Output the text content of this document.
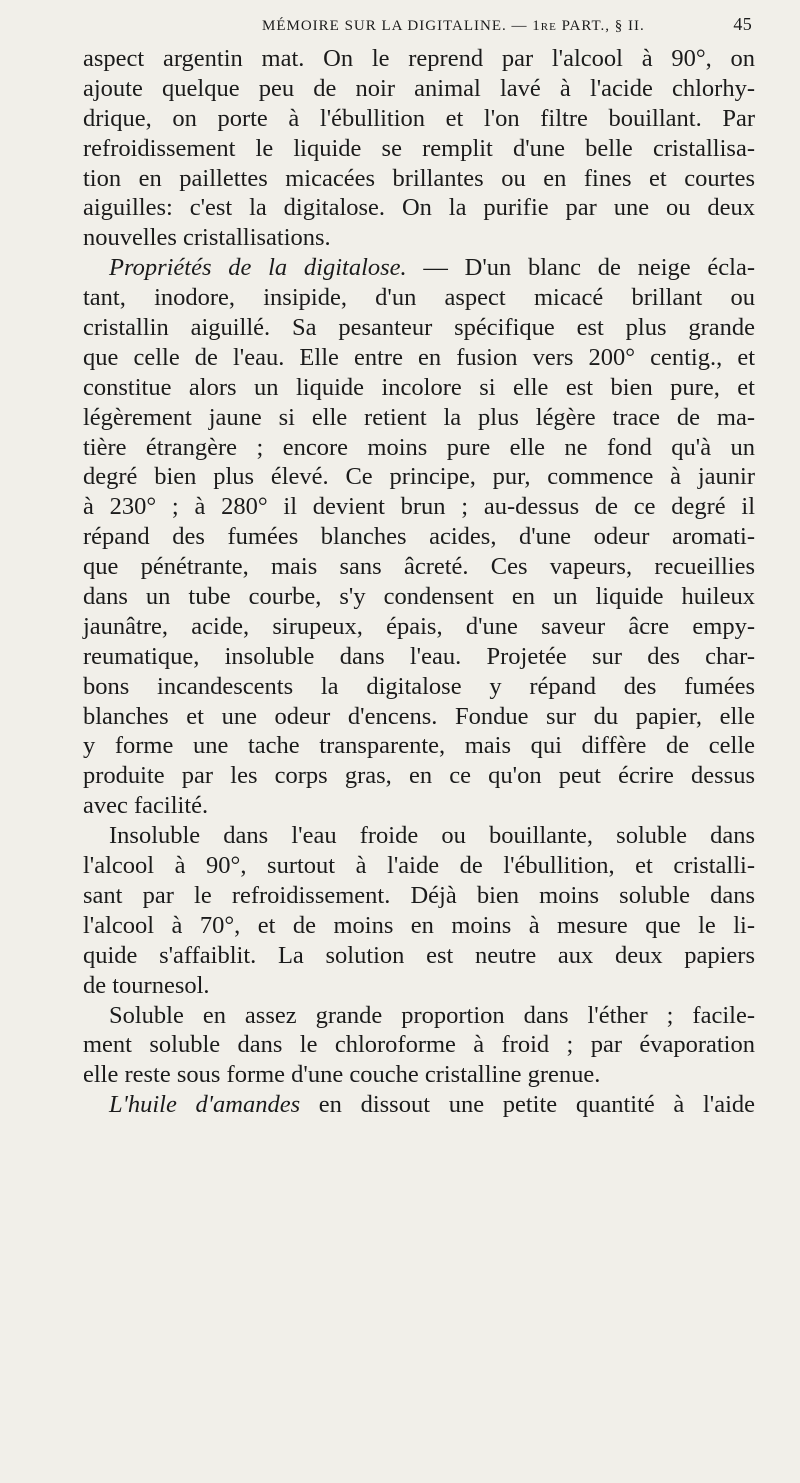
MÉMOIRE SUR LA DIGITALINE. — 1re PART., § II.	45
aspect argentin mat. On le reprend par l'alcool à 90°, on
ajoute quelque peu de noir animal lavé à l'acide chlorhy-
drique, on porte à l'ébullition et l'on filtre bouillant. Par
refroidissement le liquide se remplit d'une belle cristallisa-
tion en paillettes micacées brillantes ou en fines et courtes
aiguilles: c'est la digitalose. On la purifie par une ou deux
nouvelles cristallisations.
Propriétés de la digitalose. — D'un blanc de neige écla-
tant, inodore, insipide, d'un aspect micacé brillant ou
cristallin aiguillé. Sa pesanteur spécifique est plus grande
que celle de l'eau. Elle entre en fusion vers 200° centig., et
constitue alors un liquide incolore si elle est bien pure, et
légèrement jaune si elle retient la plus légère trace de ma-
tière étrangère ; encore moins pure elle ne fond qu'à un
degré bien plus élevé. Ce principe, pur, commence à jaunir
à 230° ; à 280° il devient brun ; au-dessus de ce degré il
répand des fumées blanches acides, d'une odeur aromati-
que pénétrante, mais sans âcreté. Ces vapeurs, recueillies
dans un tube courbe, s'y condensent en un liquide huileux
jaunâtre, acide, sirupeux, épais, d'une saveur âcre empy-
reumatique, insoluble dans l'eau. Projetée sur des char-
bons incandescents la digitalose y répand des fumées
blanches et une odeur d'encens. Fondue sur du papier, elle
y forme une tache transparente, mais qui diffère de celle
produite par les corps gras, en ce qu'on peut écrire dessus
avec facilité.
Insoluble dans l'eau froide ou bouillante, soluble dans
l'alcool à 90°, surtout à l'aide de l'ébullition, et cristalli-
sant par le refroidissement. Déjà bien moins soluble dans
l'alcool à 70°, et de moins en moins à mesure que le li-
quide s'affaiblit. La solution est neutre aux deux papiers
de tournesol.
Soluble en assez grande proportion dans l'éther ; facile-
ment soluble dans le chloroforme à froid ; par évaporation
elle reste sous forme d'une couche cristalline grenue.
L'huile d'amandes en dissout une petite quantité à l'aide
